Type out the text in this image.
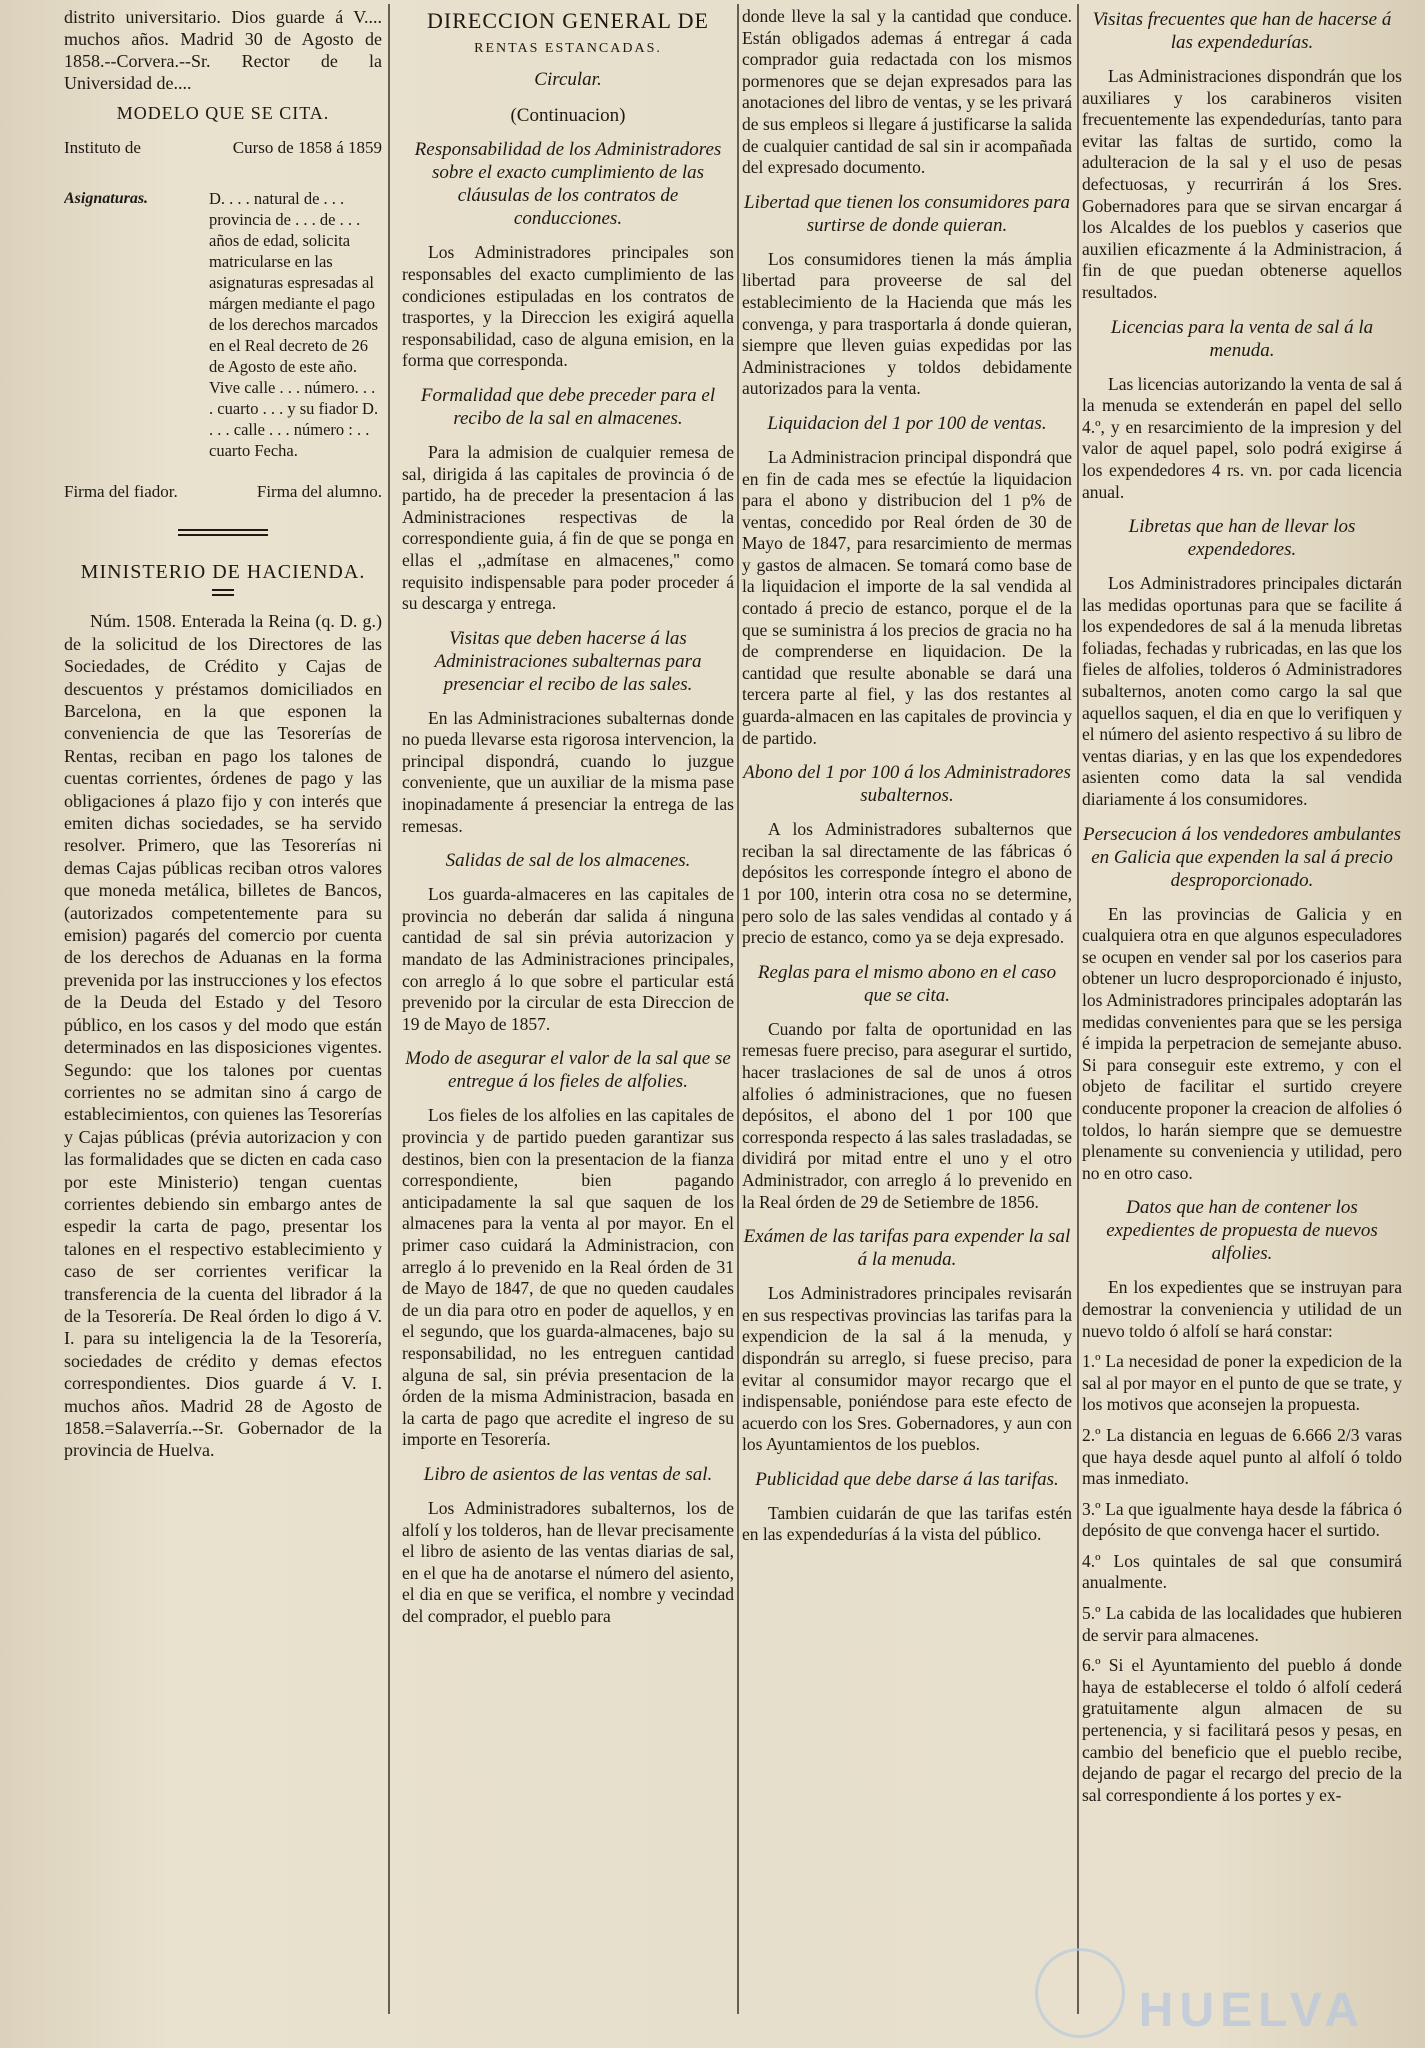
distrito universitario. Dios guarde á V.... muchos años. Madrid 30 de Agosto de 1858.--Corvera.--Sr. Rector de la Universidad de....

MODELO QUE SE CITA.
Instituto de	Curso de 1858 á 1859
Asignaturas.	D. . . . natural de . . . provincia de . . . de . . . años de edad, solicita matricularse en las asignaturas espresadas al márgen mediante el pago de los derechos marcados en el Real decreto de 26 de Agosto de este año. Vive calle . . . número. . . . cuarto . . . y su fiador D. . . . calle . . . número : . . cuarto Fecha.
Firma del fiador.	Firma del alumno.
MINISTERIO DE HACIENDA.

Núm. 1508. Enterada la Reina (q. D. g.) de la solicitud de los Directores de las Sociedades, de Crédito y Cajas de descuentos y préstamos domiciliados en Barcelona, en la que esponen la conveniencia de que las Tesorerías de Rentas, reciban en pago los talones de cuentas corrientes, órdenes de pago y las obligaciones á plazo fijo y con interés que emiten dichas sociedades, se ha servido resolver. Primero, que las Tesorerías ni demas Cajas públicas reciban otros valores que moneda metálica, billetes de Bancos, (autorizados competentemente para su emision) pagarés del comercio por cuenta de los derechos de Aduanas en la forma prevenida por las instrucciones y los efectos de la Deuda del Estado y del Tesoro público, en los casos y del modo que están determinados en las disposiciones vigentes. Segundo: que los talones por cuentas corrientes no se admitan sino á cargo de establecimientos, con quienes las Tesorerías y Cajas públicas (prévia autorizacion y con las formalidades que se dicten en cada caso por este Ministerio) tengan cuentas corrientes debiendo sin embargo antes de espedir la carta de pago, presentar los talones en el respectivo establecimiento y caso de ser corrientes verificar la transferencia de la cuenta del librador á la de la Tesorería. De Real órden lo digo á V. I. para su inteligencia la de la Tesorería, sociedades de crédito y demas efectos correspondientes. Dios guarde á V. I. muchos años. Madrid 28 de Agosto de 1858.=Salaverría.--Sr. Gobernador de la provincia de Huelva.

DIRECCION GENERAL DE
RENTAS ESTANCADAS.
Circular.
(Continuacion)
Responsabilidad de los Administradores sobre el exacto cumplimiento de las cláusulas de los contratos de conducciones.

Los Administradores principales son responsables del exacto cumplimiento de las condiciones estipuladas en los contratos de trasportes, y la Direccion les exigirá aquella responsabilidad, caso de alguna emision, en la forma que corresponda.

Formalidad que debe preceder para el recibo de la sal en almacenes.

Para la admision de cualquier remesa de sal, dirigida á las capitales de provincia ó de partido, ha de preceder la presentacion á las Administraciones respectivas de la correspondiente guia, á fin de que se ponga en ellas el ,,admítase en almacenes,'' como requisito indispensable para poder proceder á su descarga y entrega.

Visitas que deben hacerse á las Administraciones subalternas para presenciar el recibo de las sales.

En las Administraciones subalternas donde no pueda llevarse esta rigorosa intervencion, la principal dispondrá, cuando lo juzgue conveniente, que un auxiliar de la misma pase inopinadamente á presenciar la entrega de las remesas.

Salidas de sal de los almacenes.

Los guarda-almaceres en las capitales de provincia no deberán dar salida á ninguna cantidad de sal sin prévia autorizacion y mandato de las Administraciones principales, con arreglo á lo que sobre el particular está prevenido por la circular de esta Direccion de 19 de Mayo de 1857.

Modo de asegurar el valor de la sal que se entregue á los fieles de alfolies.

Los fieles de los alfolies en las capitales de provincia y de partido pueden garantizar sus destinos, bien con la presentacion de la fianza correspondiente, bien pagando anticipadamente la sal que saquen de los almacenes para la venta al por mayor. En el primer caso cuidará la Administracion, con arreglo á lo prevenido en la Real órden de 31 de Mayo de 1847, de que no queden caudales de un dia para otro en poder de aquellos, y en el segundo, que los guarda-almacenes, bajo su responsabilidad, no les entreguen cantidad alguna de sal, sin prévia presentacion de la órden de la misma Administracion, basada en la carta de pago que acredite el ingreso de su importe en Tesorería.

Libro de asientos de las ventas de sal.

Los Administradores subalternos, los de alfolí y los tolderos, han de llevar precisamente el libro de asiento de las ventas diarias de sal, en el que ha de anotarse el número del asiento, el dia en que se verifica, el nombre y vecindad del comprador, el pueblo para

donde lleve la sal y la cantidad que conduce. Están obligados ademas á entregar á cada comprador guia redactada con los mismos pormenores que se dejan expresados para las anotaciones del libro de ventas, y se les privará de sus empleos si llegare á justificarse la salida de cualquier cantidad de sal sin ir acompañada del expresado documento.

Libertad que tienen los consumidores para surtirse de donde quieran.

Los consumidores tienen la más ámplia libertad para proveerse de sal del establecimiento de la Hacienda que más les convenga, y para trasportarla á donde quieran, siempre que lleven guias expedidas por las Administraciones y toldos debidamente autorizados para la venta.

Liquidacion del 1 por 100 de ventas.

La Administracion principal dispondrá que en fin de cada mes se efectúe la liquidacion para el abono y distribucion del 1 p% de ventas, concedido por Real órden de 30 de Mayo de 1847, para resarcimiento de mermas y gastos de almacen. Se tomará como base de la liquidacion el importe de la sal vendida al contado á precio de estanco, porque el de la que se suministra á los precios de gracia no ha de comprenderse en liquidacion. De la cantidad que resulte abonable se dará una tercera parte al fiel, y las dos restantes al guarda-almacen en las capitales de provincia y de partido.

Abono del 1 por 100 á los Administradores subalternos.

A los Administradores subalternos que reciban la sal directamente de las fábricas ó depósitos les corresponde íntegro el abono de 1 por 100, interin otra cosa no se determine, pero solo de las sales vendidas al contado y á precio de estanco, como ya se deja expresado.

Reglas para el mismo abono en el caso que se cita.

Cuando por falta de oportunidad en las remesas fuere preciso, para asegurar el surtido, hacer traslaciones de sal de unos á otros alfolies ó administraciones, que no fuesen depósitos, el abono del 1 por 100 que corresponda respecto á las sales trasladadas, se dividirá por mitad entre el uno y el otro Administrador, con arreglo á lo prevenido en la Real órden de 29 de Setiembre de 1856.

Exámen de las tarifas para expender la sal á la menuda.

Los Administradores principales revisarán en sus respectivas provincias las tarifas para la expendicion de la sal á la menuda, y dispondrán su arreglo, si fuese preciso, para evitar al consumidor mayor recargo que el indispensable, poniéndose para este efecto de acuerdo con los Sres. Gobernadores, y aun con los Ayuntamientos de los pueblos.

Publicidad que debe darse á las tarifas.

Tambien cuidarán de que las tarifas estén en las expendedurías á la vista del público.

Visitas frecuentes que han de hacerse á las expendedurías.

Las Administraciones dispondrán que los auxiliares y los carabineros visiten frecuentemente las expendedurías, tanto para evitar las faltas de surtido, como la adulteracion de la sal y el uso de pesas defectuosas, y recurrirán á los Sres. Gobernadores para que se sirvan encargar á los Alcaldes de los pueblos y caserios que auxilien eficazmente á la Administracion, á fin de que puedan obtenerse aquellos resultados.

Licencias para la venta de sal á la menuda.

Las licencias autorizando la venta de sal á la menuda se extenderán en papel del sello 4.º, y en resarcimiento de la impresion y del valor de aquel papel, solo podrá exigirse á los expendedores 4 rs. vn. por cada licencia anual.

Libretas que han de llevar los expendedores.

Los Administradores principales dictarán las medidas oportunas para que se facilite á los expendedores de sal á la menuda libretas foliadas, fechadas y rubricadas, en las que los fieles de alfolies, tolderos ó Administradores subalternos, anoten como cargo la sal que aquellos saquen, el dia en que lo verifiquen y el número del asiento respectivo á su libro de ventas diarias, y en las que los expendedores asienten como data la sal vendida diariamente á los consumidores.

Persecucion á los vendedores ambulantes en Galicia que expenden la sal á precio desproporcionado.

En las provincias de Galicia y en cualquiera otra en que algunos especuladores se ocupen en vender sal por los caserios para obtener un lucro desproporcionado é injusto, los Administradores principales adoptarán las medidas convenientes para que se les persiga é impida la perpetracion de semejante abuso. Si para conseguir este extremo, y con el objeto de facilitar el surtido creyere conducente proponer la creacion de alfolies ó toldos, lo harán siempre que se demuestre plenamente su conveniencia y utilidad, pero no en otro caso.

Datos que han de contener los expedientes de propuesta de nuevos alfolies.

En los expedientes que se instruyan para demostrar la conveniencia y utilidad de un nuevo toldo ó alfolí se hará constar:

1.º La necesidad de poner la expedicion de la sal al por mayor en el punto de que se trate, y los motivos que aconsejen la propuesta.

2.º La distancia en leguas de 6.666 2/3 varas que haya desde aquel punto al alfolí ó toldo mas inmediato.

3.º La que igualmente haya desde la fábrica ó depósito de que convenga hacer el surtido.

4.º Los quintales de sal que consumirá anualmente.

5.º La cabida de las localidades que hubieren de servir para almacenes.

6.º Si el Ayuntamiento del pueblo á donde haya de establecerse el toldo ó alfolí cederá gratuitamente algun almacen de su pertenencia, y si facilitará pesos y pesas, en cambio del beneficio que el pueblo recibe, dejando de pagar el recargo del precio de la sal correspondiente á los portes y ex-

HUELVA
